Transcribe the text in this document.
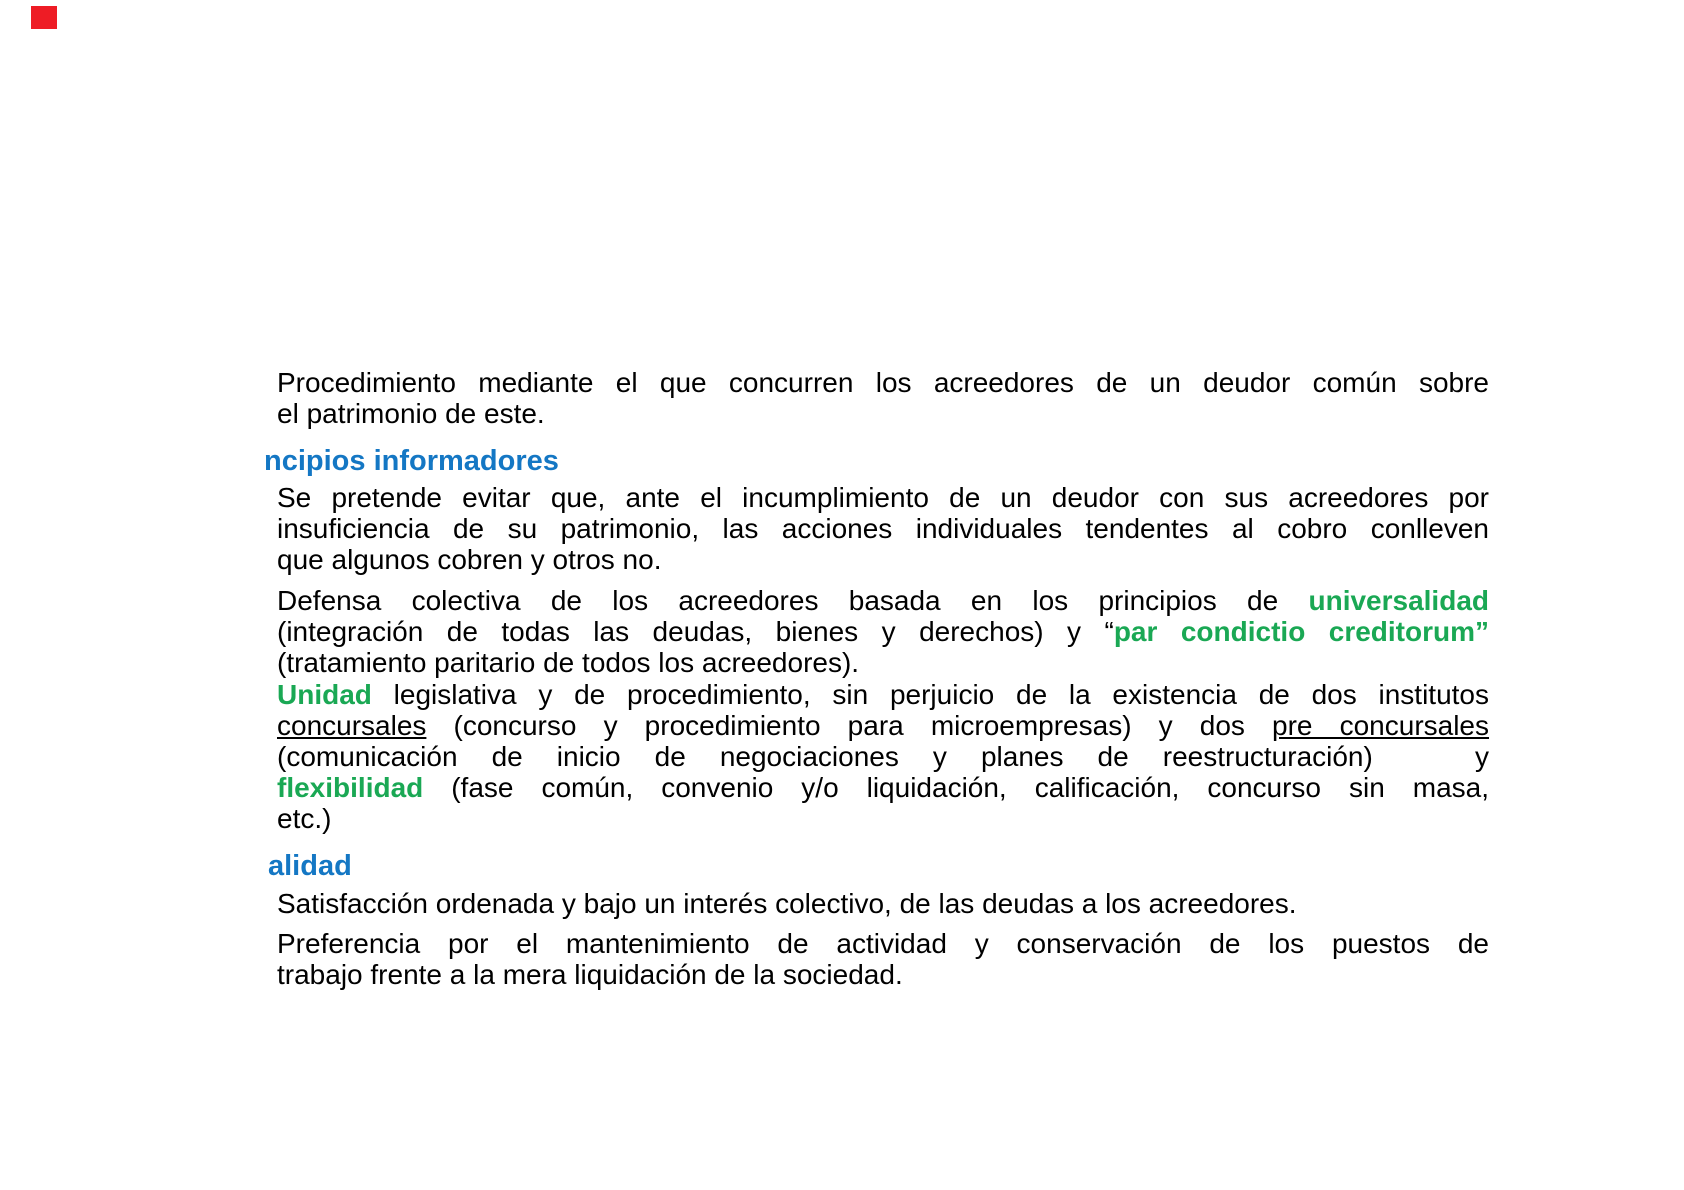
Procedimiento mediante el que concurren los acreedores de un deudor común sobre
el patrimonio de este.
ncipios informadores
Se pretende evitar que, ante el incumplimiento de un deudor con sus acreedores por
insuficiencia de su patrimonio, las acciones individuales tendentes al cobro conlleven
que algunos cobren y otros no.
Defensa colectiva de los acreedores basada en los principios de universalidad
(integración de todas las deudas, bienes y derechos) y “par condictio creditorum”
(tratamiento paritario de todos los acreedores).
Unidad legislativa y de procedimiento, sin perjuicio de la existencia de dos institutos
concursales (concurso y procedimiento para microempresas) y dos pre concursales
(comunicación de inicio de negociaciones y planes de reestructuración)   y
flexibilidad (fase común, convenio y/o liquidación, calificación, concurso sin masa,
etc.)
alidad
Satisfacción ordenada y bajo un interés colectivo, de las deudas a los acreedores.
Preferencia por el mantenimiento de actividad y conservación de los puestos de
trabajo frente a la mera liquidación de la sociedad.
